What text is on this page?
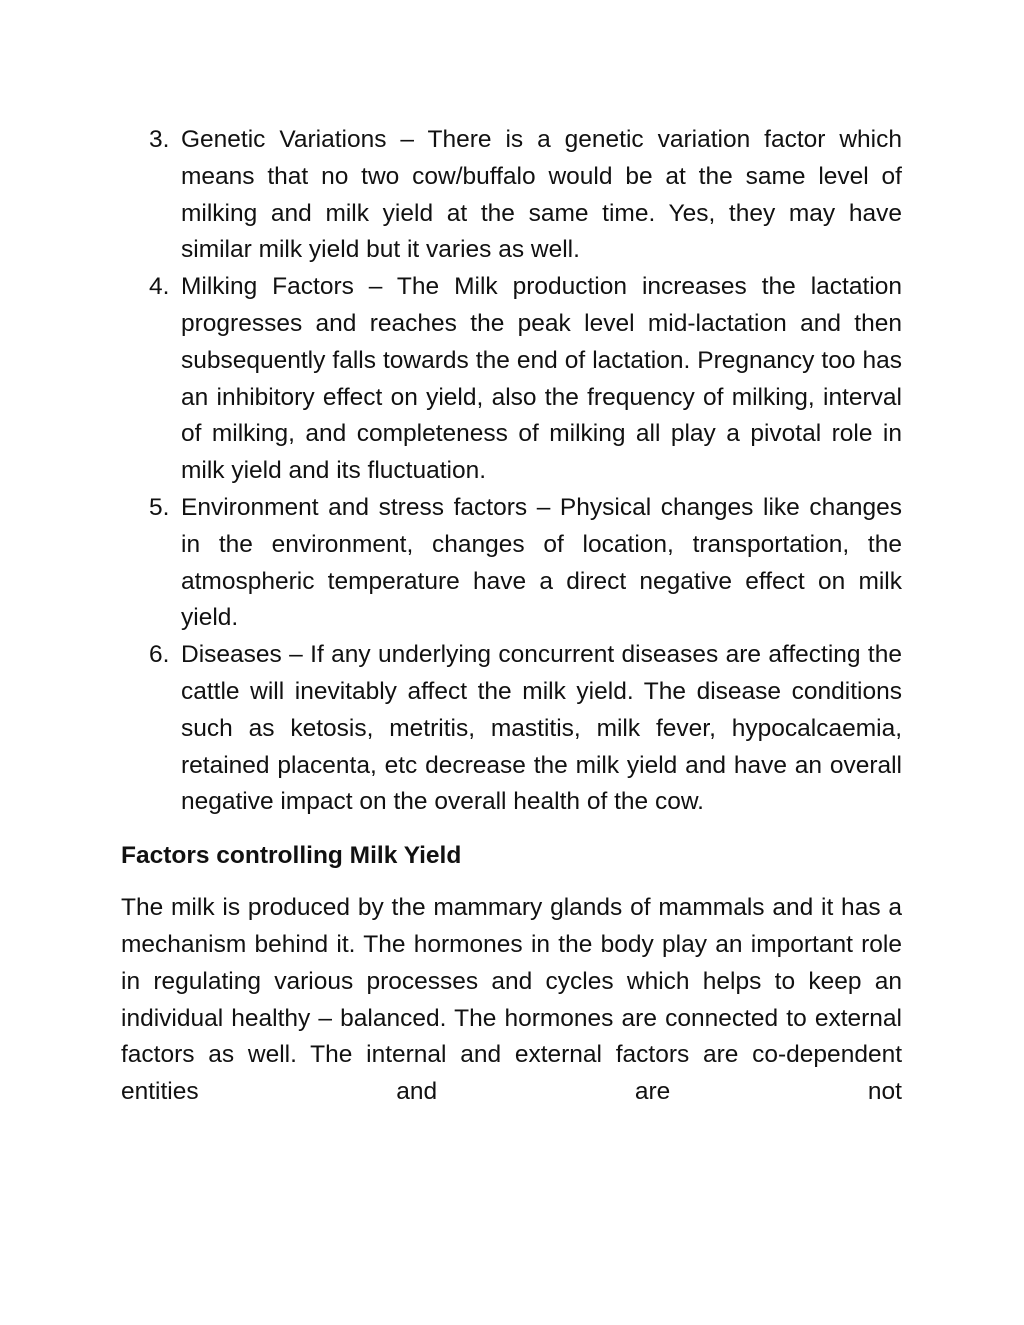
3. Genetic Variations – There is a genetic variation factor which means that no two cow/buffalo would be at the same level of milking and milk yield at the same time. Yes, they may have similar milk yield but it varies as well.
4. Milking Factors – The Milk production increases the lactation progresses and reaches the peak level mid-lactation and then subsequently falls towards the end of lactation. Pregnancy too has an inhibitory effect on yield, also the frequency of milking, interval of milking, and completeness of milking all play a pivotal role in milk yield and its fluctuation.
5. Environment and stress factors – Physical changes like changes in the environment, changes of location, transportation, the atmospheric temperature have a direct negative effect on milk yield.
6. Diseases – If any underlying concurrent diseases are affecting the cattle will inevitably affect the milk yield. The disease conditions such as ketosis, metritis, mastitis, milk fever, hypocalcaemia, retained placenta, etc decrease the milk yield and have an overall negative impact on the overall health of the cow.
Factors controlling Milk Yield

The milk is produced by the mammary glands of mammals and it has a mechanism behind it. The hormones in the body play an important role in regulating various processes and cycles which helps to keep an individual healthy – balanced. The hormones are connected to external factors as well. The internal and external factors are co-dependent entities and are not
